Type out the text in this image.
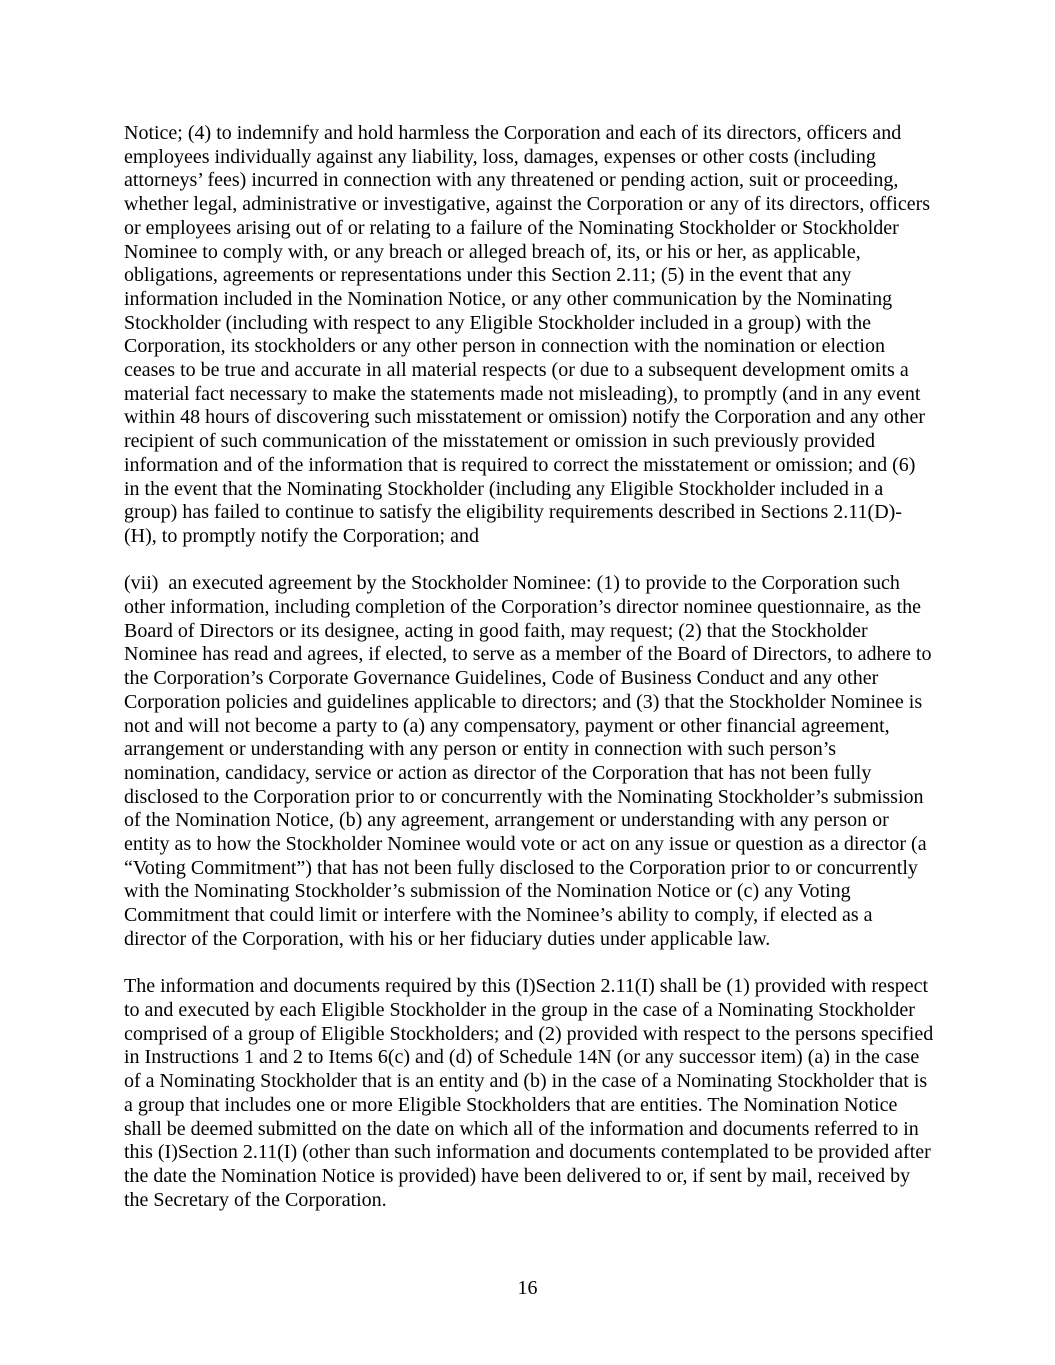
Notice; (4) to indemnify and hold harmless the Corporation and each of its directors, officers and employees individually against any liability, loss, damages, expenses or other costs (including attorneys’ fees) incurred in connection with any threatened or pending action, suit or proceeding, whether legal, administrative or investigative, against the Corporation or any of its directors, officers or employees arising out of or relating to a failure of the Nominating Stockholder or Stockholder Nominee to comply with, or any breach or alleged breach of, its, or his or her, as applicable, obligations, agreements or representations under this Section 2.11; (5) in the event that any information included in the Nomination Notice, or any other communication by the Nominating Stockholder (including with respect to any Eligible Stockholder included in a group) with the Corporation, its stockholders or any other person in connection with the nomination or election ceases to be true and accurate in all material respects (or due to a subsequent development omits a material fact necessary to make the statements made not misleading), to promptly (and in any event within 48 hours of discovering such misstatement or omission) notify the Corporation and any other recipient of such communication of the misstatement or omission in such previously provided information and of the information that is required to correct the misstatement or omission; and (6) in the event that the Nominating Stockholder (including any Eligible Stockholder included in a group) has failed to continue to satisfy the eligibility requirements described in Sections 2.11(D)-(H), to promptly notify the Corporation; and

(vii)  an executed agreement by the Stockholder Nominee: (1) to provide to the Corporation such other information, including completion of the Corporation’s director nominee questionnaire, as the Board of Directors or its designee, acting in good faith, may request; (2) that the Stockholder Nominee has read and agrees, if elected, to serve as a member of the Board of Directors, to adhere to the Corporation’s Corporate Governance Guidelines, Code of Business Conduct and any other Corporation policies and guidelines applicable to directors; and (3) that the Stockholder Nominee is not and will not become a party to (a) any compensatory, payment or other financial agreement, arrangement or understanding with any person or entity in connection with such person’s nomination, candidacy, service or action as director of the Corporation that has not been fully disclosed to the Corporation prior to or concurrently with the Nominating Stockholder’s submission of the Nomination Notice, (b) any agreement, arrangement or understanding with any person or entity as to how the Stockholder Nominee would vote or act on any issue or question as a director (a “Voting Commitment”) that has not been fully disclosed to the Corporation prior to or concurrently with the Nominating Stockholder’s submission of the Nomination Notice or (c) any Voting Commitment that could limit or interfere with the Nominee’s ability to comply, if elected as a director of the Corporation, with his or her fiduciary duties under applicable law.

The information and documents required by this (I)Section 2.11(I) shall be (1) provided with respect to and executed by each Eligible Stockholder in the group in the case of a Nominating Stockholder comprised of a group of Eligible Stockholders; and (2) provided with respect to the persons specified in Instructions 1 and 2 to Items 6(c) and (d) of Schedule 14N (or any successor item) (a) in the case of a Nominating Stockholder that is an entity and (b) in the case of a Nominating Stockholder that is a group that includes one or more Eligible Stockholders that are entities. The Nomination Notice shall be deemed submitted on the date on which all of the information and documents referred to in this (I)Section 2.11(I) (other than such information and documents contemplated to be provided after the date the Nomination Notice is provided) have been delivered to or, if sent by mail, received by the Secretary of the Corporation.

16
